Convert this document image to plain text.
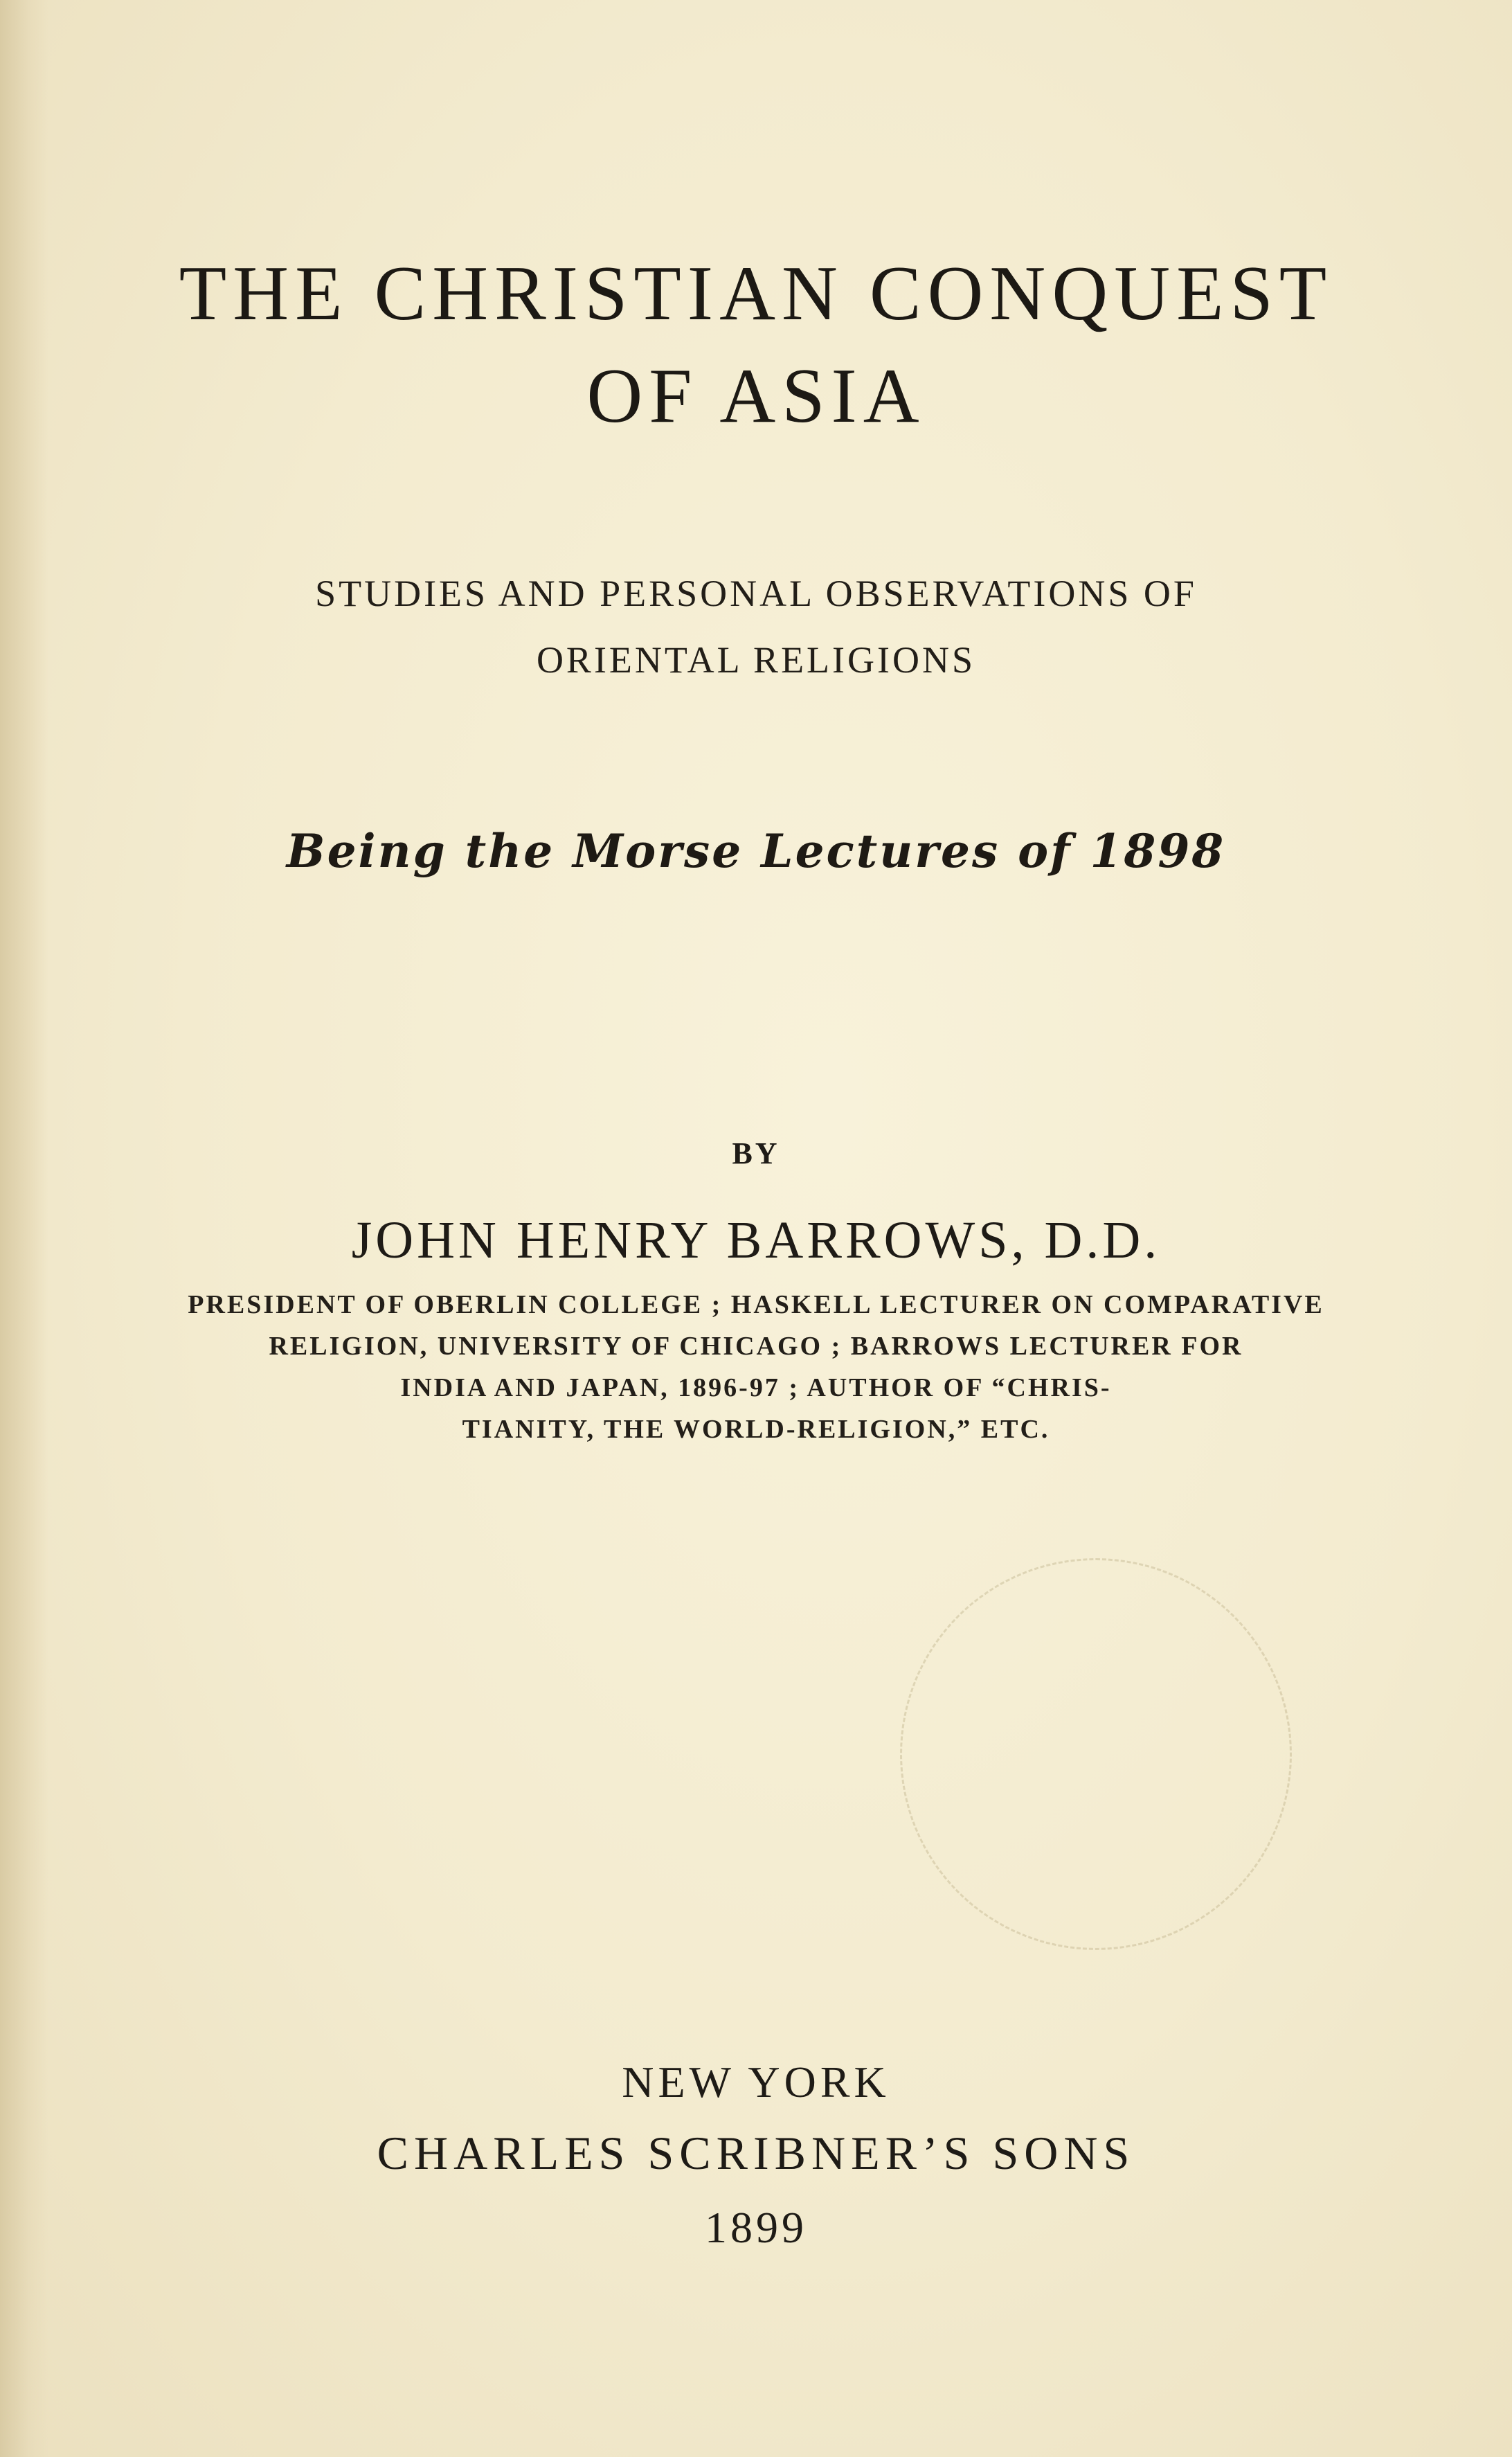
THE CHRISTIAN CONQUEST
OF ASIA

STUDIES AND PERSONAL OBSERVATIONS OF

ORIENTAL RELIGIONS

Being the Morse Lectures of 1898

BY

JOHN HENRY BARROWS, D.D.

PRESIDENT OF OBERLIN COLLEGE ; HASKELL LECTURER ON COMPARATIVE

RELIGION, UNIVERSITY OF CHICAGO ; BARROWS LECTURER FOR

INDIA AND JAPAN, 1896-97 ; AUTHOR OF “CHRIS-

TIANITY, THE WORLD-RELIGION,” ETC.

NEW YORK

CHARLES SCRIBNER’S SONS

1899
